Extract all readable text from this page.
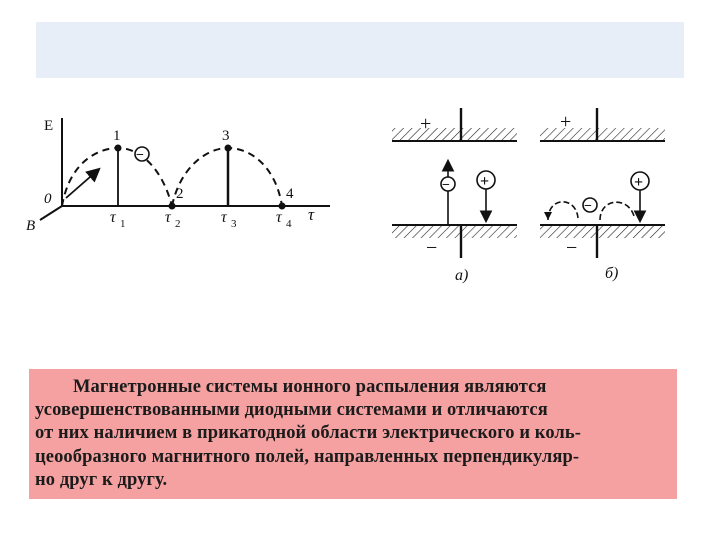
E
B
0
τ
1
2
3
4
−
τ 1 τ 2	τ 3 τ 4
+
−
− +
a)
+
−
−
+
б)
Магнетронные системы ионного распыления являются
усовершенствованными диодными системами и отличаются
от них наличием в прикатодной области электрического и коль-
цеообразного магнитного полей, направленных перпендикуляр-
но друг к другу.
